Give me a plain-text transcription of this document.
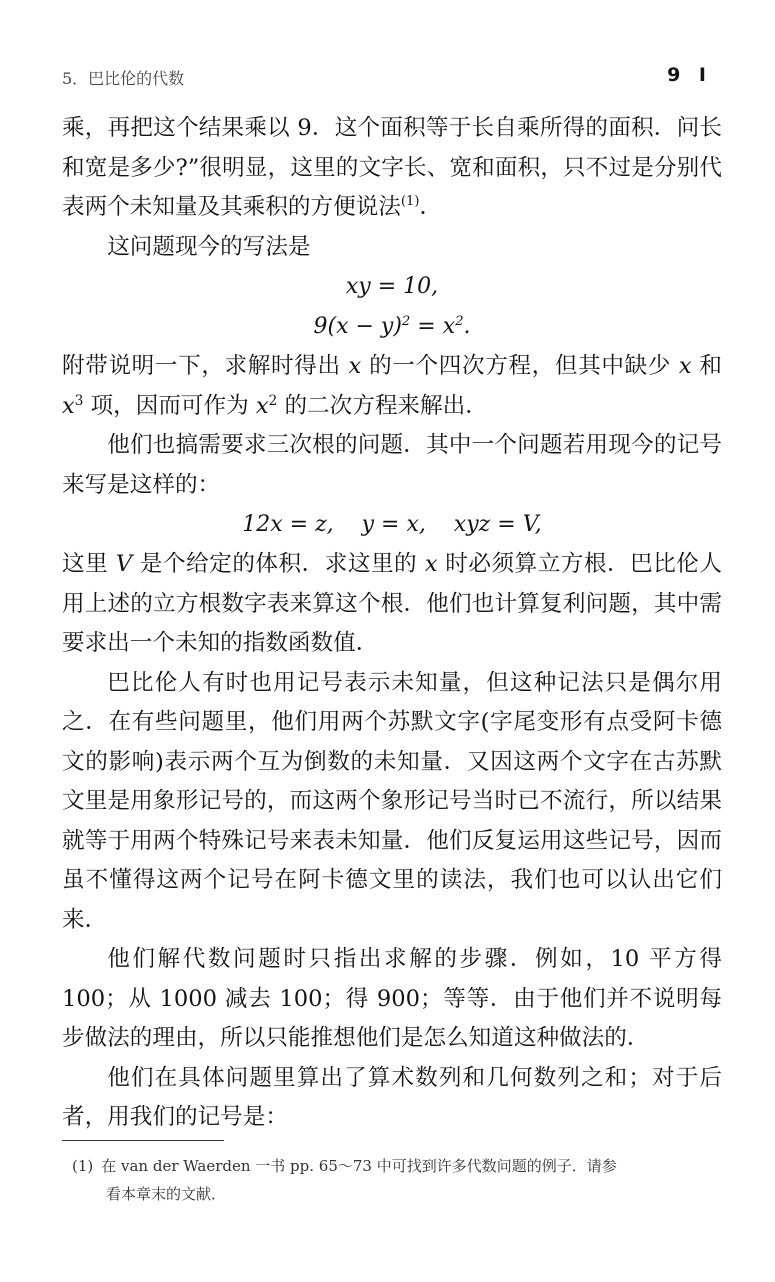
5．巴比伦的代数	9 I

乘，再把这个结果乘以 9．这个面积等于长自乘所得的面积．问长和宽是多少?”很明显，这里的文字长、宽和面积，只不过是分别代表两个未知量及其乘积的方便说法$^{(1)}$．

这问题现今的写法是

xy = 10,
$9(x - y)^2 = x^2$.

附带说明一下，求解时得出 x 的一个四次方程，但其中缺少 x 和 $x^3$ 项，因而可作为 $x^2$ 的二次方程来解出．

他们也搞需要求三次根的问题．其中一个问题若用现今的记号来写是这样的：

12x = z,    y = x,    xyz = V,

这里 V 是个给定的体积．求这里的 x 时必须算立方根．巴比伦人用上述的立方根数字表来算这个根．他们也计算复利问题，其中需要求出一个未知的指数函数值．

巴比伦人有时也用记号表示未知量，但这种记法只是偶尔用之．在有些问题里，他们用两个苏默文字(字尾变形有点受阿卡德文的影响)表示两个互为倒数的未知量．又因这两个文字在古苏默文里是用象形记号的，而这两个象形记号当时已不流行，所以结果就等于用两个特殊记号来表未知量．他们反复运用这些记号，因而虽不懂得这两个记号在阿卡德文里的读法，我们也可以认出它们来．

他们解代数问题时只指出求解的步骤．例如，10 平方得 100；从 1000 减去 100；得 900；等等．由于他们并不说明每步做法的理由，所以只能推想他们是怎么知道这种做法的．

他们在具体问题里算出了算术数列和几何数列之和；对于后者，用我们的记号是：

(1) 在 van der Waerden 一书 pp. 65～73 中可找到许多代数问题的例子．请参
看本章末的文献．
